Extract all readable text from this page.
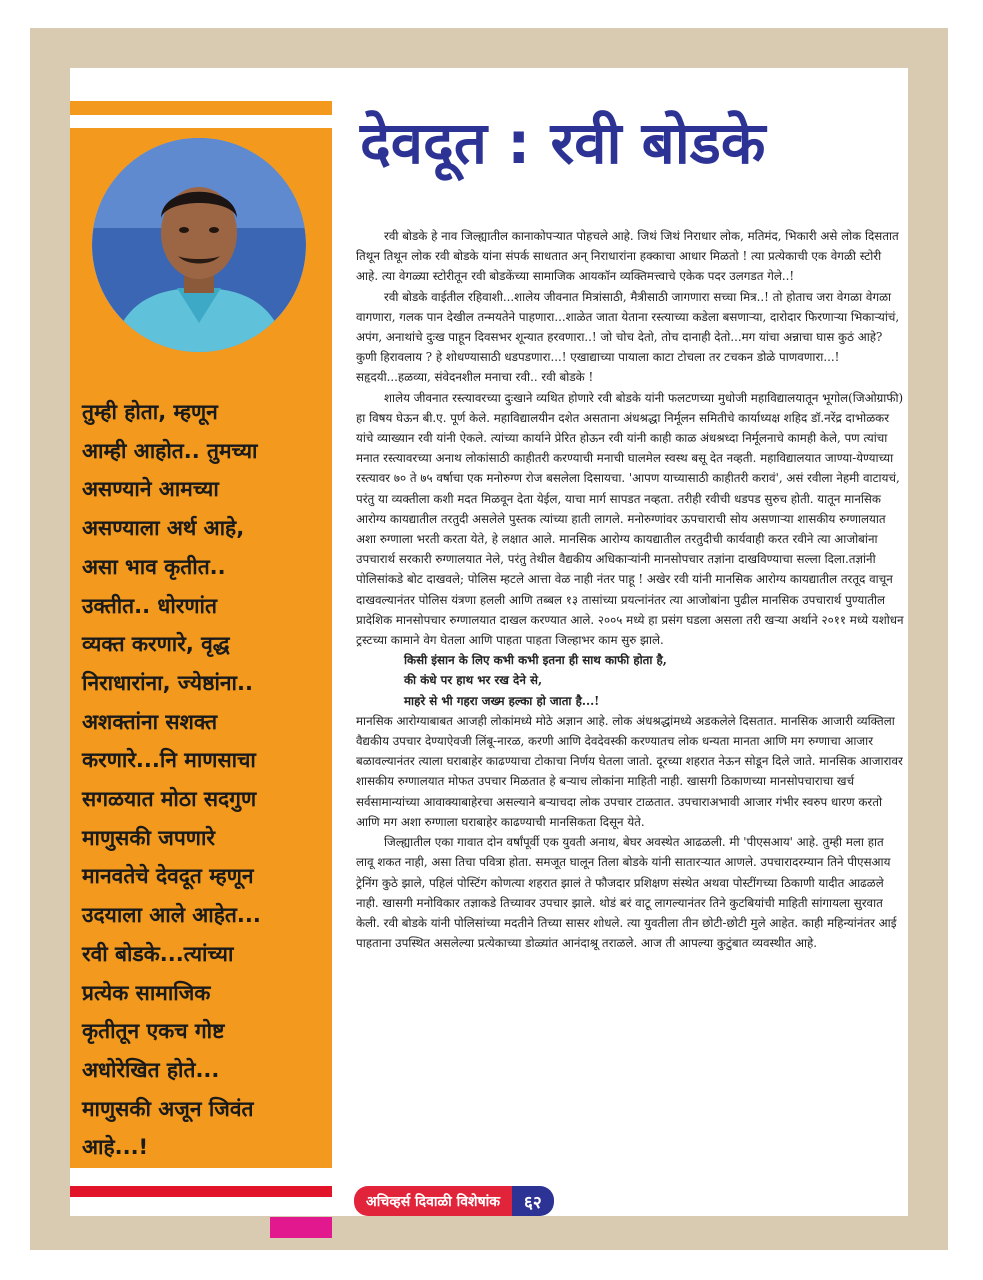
तुम्ही होता, म्हणून
आम्ही आहोत.. तुमच्या
असण्याने आमच्या
असण्याला अर्थ आहे,
असा भाव कृतीत..
उक्तीत.. धोरणांत
व्यक्त करणारे, वृद्ध
निराधारांना, ज्येष्ठांना..
अशक्तांना सशक्त
करणारे...नि माणसाचा
सगळयात मोठा सदगुण
माणुसकी जपणारे
मानवतेचे देवदूत म्हणून
उदयाला आले आहेत...
रवी बोडके...त्यांच्या
प्रत्येक सामाजिक
कृतीतून एकच गोष्ट
अधोरेखित होते...
माणुसकी अजून जिवंत
आहे...!
देवदूत : रवी बोडके

रवी बोडके हे नाव जिल्ह्यातील कानाकोपऱ्यात पोहचले आहे. जिथं जिथं निराधार लोक, मतिमंद, भिकारी असे लोक दिसतात तिथून तिथून लोक रवी बोडके यांना संपर्क साधतात अन् निराधारांना हक्काचा आधार मिळतो ! त्या प्रत्येकाची एक वेगळी स्टोरी आहे. त्या वेगळ्या स्टोरीतून रवी बोडकेंच्या सामाजिक आयकॉन व्यक्तिमत्त्वाचे एकेक पदर उलगडत गेले..!

रवी बोडके वाईतील रहिवाशी...शालेय जीवनात मित्रांसाठी, मैत्रीसाठी जागणारा सच्चा मित्र..! तो होताच जरा वेगळा वेगळा वागणारा, गलक पान देखील तन्मयतेने पाहणारा...शाळेत जाता येताना रस्त्याच्या कडेला बसणाऱ्या, दारोदार फिरणाऱ्या भिकाऱ्यांचं, अपंग, अनाथांचे दुःख पाहून दिवसभर शून्यात हरवणारा..! जो चोच देतो, तोच दानाही देतो...मग यांचा अन्नाचा घास कुठं आहे? कुणी हिरावलाय ? हे शोधण्यासाठी धडपडणारा...! एखाद्याच्या पायाला काटा टोचला तर टचकन डोळे पाणवणारा...! सहृदयी...हळव्या, संवेदनशील मनाचा रवी.. रवी बोडके !

शालेय जीवनात रस्त्यावरच्या दुःखाने व्यथित होणारे रवी बोडके यांनी फलटणच्या मुधोजी महाविद्यालयातून भूगोल(जिओग्राफी) हा विषय घेऊन बी.ए. पूर्ण केले. महाविद्यालयीन दशेत असताना अंधश्रद्धा निर्मूलन समितीचे कार्याध्यक्ष शहिद डॉ.नरेंद्र दाभोळकर यांचे व्याख्यान रवी यांनी ऐकले. त्यांच्या कार्याने प्रेरित होऊन रवी यांनी काही काळ अंधश्रध्दा निर्मूलनाचे कामही केले, पण त्यांचा मनात रस्त्यावरच्या अनाथ लोकांसाठी काहीतरी करण्याची मनाची घालमेल स्वस्थ बसू देत नव्हती. महाविद्यालयात जाण्या-येण्याच्या रस्त्यावर ७० ते ७५ वर्षाचा एक मनोरुग्ण रोज बसलेला दिसायचा. 'आपण याच्यासाठी काहीतरी करावं', असं रवीला नेहमी वाटायचं, परंतु या व्यक्तीला कशी मदत मिळवून देता येईल, याचा मार्ग सापडत नव्हता. तरीही रवीची धडपड सुरुच होती. यातून मानसिक आरोग्य कायद्यातील तरतुदी असलेले पुस्तक त्यांच्या हाती लागले. मनोरुग्णांवर ऊपचाराची सोय असणाऱ्या शासकीय रुग्णालयात अशा रुग्णाला भरती करता येते, हे लक्षात आले. मानसिक आरोग्य कायद्यातील तरतुदीची कार्यवाही करत रवीने त्या आजोबांना उपचारार्थ सरकारी रुग्णालयात नेले, परंतु तेथील वैद्यकीय अधिकाऱ्यांनी मानसोपचार तज्ञांना दाखविण्याचा सल्ला दिला.तज्ञांनी पोलिसांकडे बोट दाखवले; पोलिस म्हटले आत्ता वेळ नाही नंतर पाहू ! अखेर रवी यांनी मानसिक आरोग्य कायद्यातील तरतूद वाचून दाखवल्यानंतर पोलिस यंत्रणा हलली आणि तब्बल १३ तासांच्या प्रयत्नांनंतर त्या आजोबांना पुढील मानसिक उपचारार्थ पुण्यातील प्रादेशिक मानसोपचार रुग्णालयात दाखल करण्यात आले. २००५ मध्ये हा प्रसंग घडला असला तरी खऱ्या अर्थाने २०११ मध्ये यशोधन ट्रस्टच्या कामाने वेग घेतला आणि पाहता पाहता जिल्हाभर काम सुरु झाले.

किसी इंसान के लिए कभी कभी इतना ही साथ काफी होता है,

की कंधे पर हाथ भर रख देने से,

माहरे से भी गहरा जख्म हल्का हो जाता है...!

मानसिक आरोग्याबाबत आजही लोकांमध्ये मोठे अज्ञान आहे. लोक अंधश्रद्धांमध्ये अडकलेले दिसतात. मानसिक आजारी व्यक्तिला वैद्यकीय उपचार देण्याऐवजी लिंबू-नारळ, करणी आणि देवदेवस्की करण्यातच लोक धन्यता मानता आणि मग रुग्णाचा आजार बळावल्यानंतर त्याला घराबाहेर काढण्याचा टोकाचा निर्णय घेतला जातो. दूरच्या शहरात नेऊन सोडून दिले जाते. मानसिक आजारावर शासकीय रुग्णालयात मोफत उपचार मिळतात हे बऱ्याच लोकांना माहिती नाही. खासगी ठिकाणच्या मानसोपचाराचा खर्च सर्वसामान्यांच्या आवाक्याबाहेरचा असल्याने बऱ्याचदा लोक उपचार टाळतात. उपचाराअभावी आजार गंभीर स्वरुप धारण करतो आणि मग अशा रुग्णाला घराबाहेर काढण्याची मानसिकता दिसून येते.

जिल्ह्यातील एका गावात दोन वर्षांपूर्वी एक युवती अनाथ, बेघर अवस्थेत आढळली. मी 'पीएसआय' आहे. तुम्ही मला हात लावू शकत नाही, असा तिचा पवित्रा होता. समजूत घालून तिला बोडके यांनी सातारऱ्यात आणले. उपचारादरम्यान तिने पीएसआय ट्रेनिंग कुठे झाले, पहिलं पोस्टिंग कोणत्या शहरात झालं ते फौजदार प्रशिक्षण संस्थेत अथवा पोस्टींगच्या ठिकाणी यादीत आढळले नाही. खासगी मनोविकार तज्ञाकडे तिच्यावर उपचार झाले. थोडं बरं वाटू लागल्यानंतर तिने कुटबियांची माहिती सांगायला सुरवात केली. रवी बोडके यांनी पोलिसांच्या मदतीने तिच्या सासर शोधले. त्या युवतीला तीन छोटी-छोटी मुले आहेत. काही महिन्यांनंतर आई पाहताना उपस्थित असलेल्या प्रत्येकाच्या डोळ्यांत आनंदाश्रू तराळले. आज ती आपल्या कुटुंबात व्यवस्थीत आहे.

अचिव्हर्स दिवाळी विशेषांक	६२
